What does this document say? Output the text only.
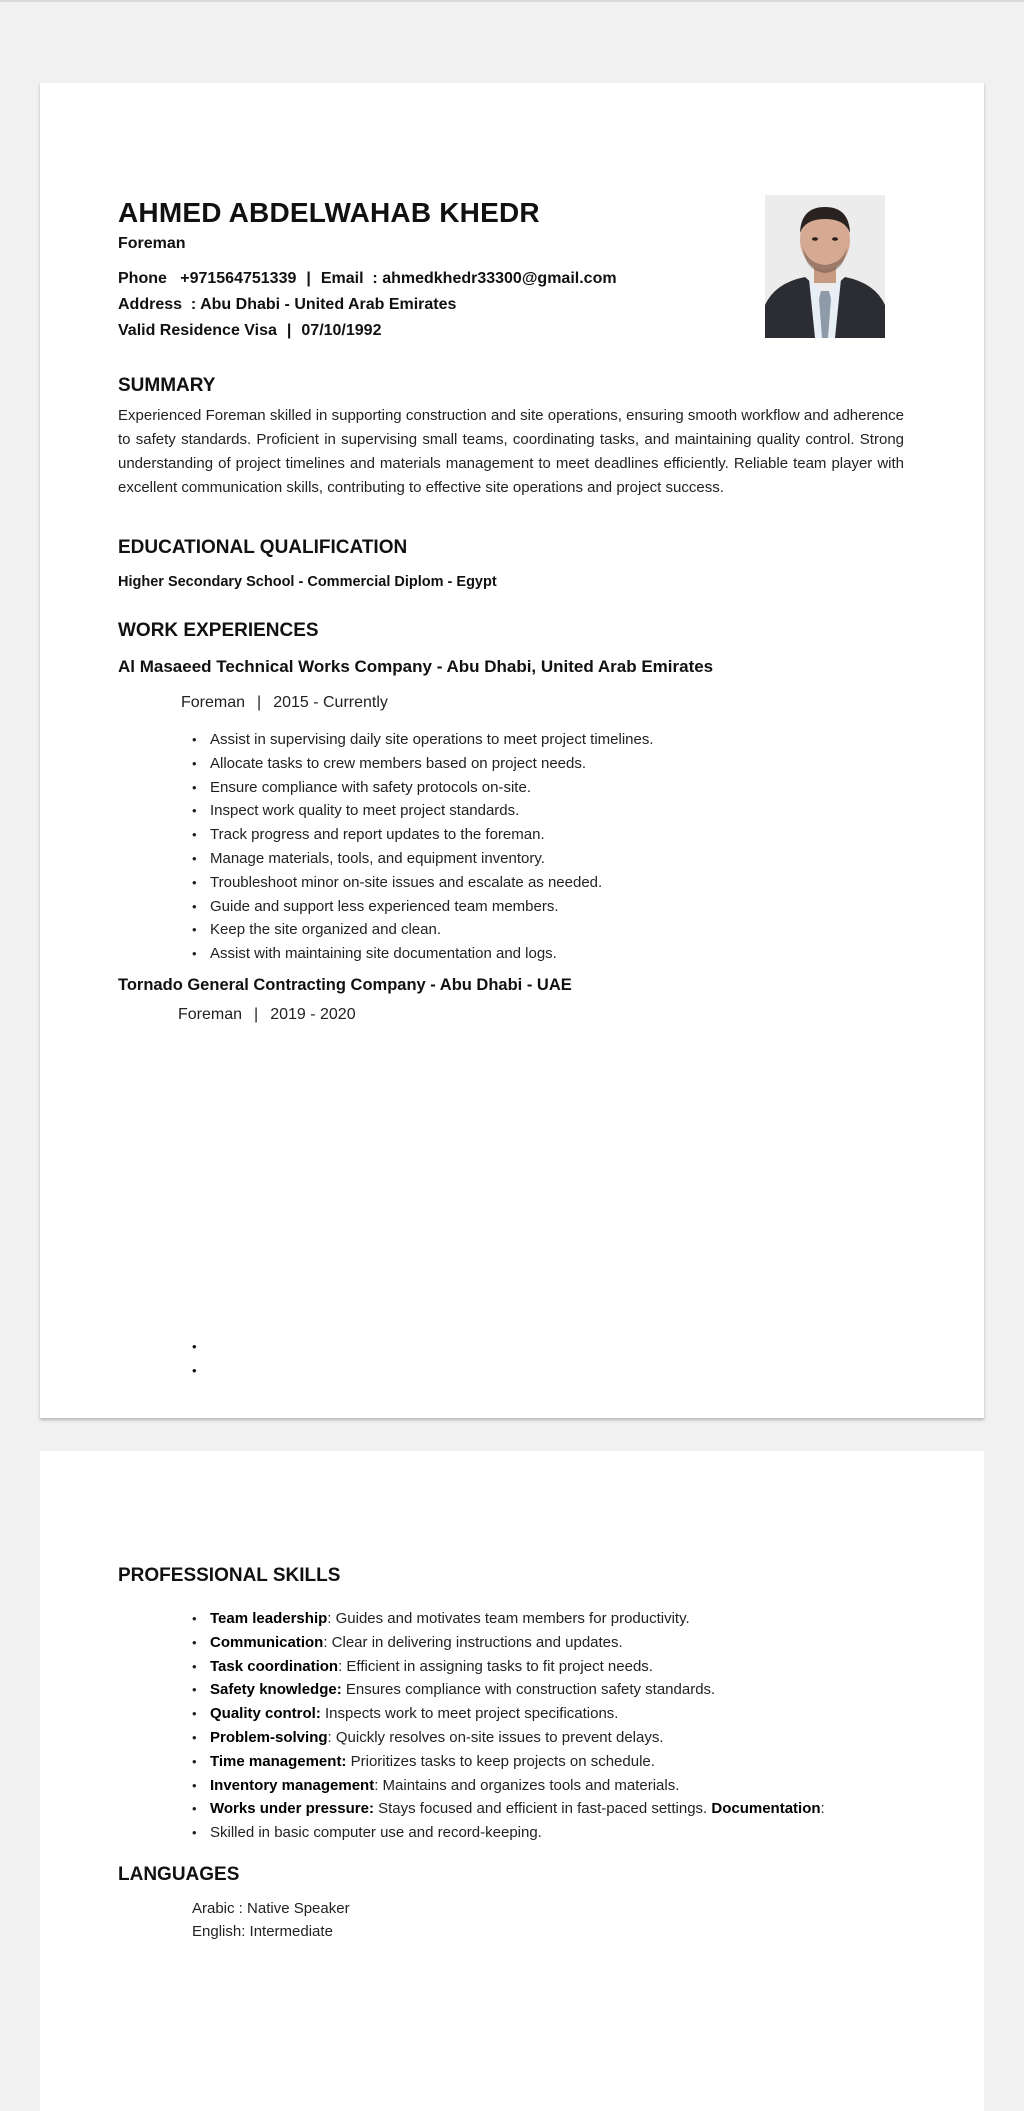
AHMED ABDELWAHAB KHEDR
Foreman
Phone +971564751339 | Email : ahmedkhedr33300@gmail.com
Address : Abu Dhabi - United Arab Emirates
Valid Residence Visa | 07/10/1992
SUMMARY
Experienced Foreman skilled in supporting construction and site operations, ensuring smooth workflow and adherence to safety standards. Proficient in supervising small teams, coordinating tasks, and maintaining quality control. Strong understanding of project timelines and materials management to meet deadlines efficiently. Reliable team player with excellent communication skills, contributing to effective site operations and project success.
EDUCATIONAL QUALIFICATION
Higher Secondary School - Commercial Diplom - Egypt
WORK EXPERIENCES
Al Masaeed Technical Works Company - Abu Dhabi, United Arab Emirates
Foreman | 2015 - Currently
• Assist in supervising daily site operations to meet project timelines.
• Allocate tasks to crew members based on project needs.
• Ensure compliance with safety protocols on-site.
• Inspect work quality to meet project standards.
• Track progress and report updates to the foreman.
• Manage materials, tools, and equipment inventory.
• Troubleshoot minor on-site issues and escalate as needed.
• Guide and support less experienced team members.
• Keep the site organized and clean.
• Assist with maintaining site documentation and logs.
Tornado General Contracting Company - Abu Dhabi - UAE
Foreman | 2019 - 2020
•
•
PROFESSIONAL SKILLS
• Team leadership: Guides and motivates team members for productivity.
• Communication: Clear in delivering instructions and updates.
• Task coordination: Efficient in assigning tasks to fit project needs.
• Safety knowledge: Ensures compliance with construction safety standards.
• Quality control: Inspects work to meet project specifications.
• Problem-solving: Quickly resolves on-site issues to prevent delays.
• Time management: Prioritizes tasks to keep projects on schedule.
• Inventory management: Maintains and organizes tools and materials.
• Works under pressure: Stays focused and efficient in fast-paced settings. Documentation:
• Skilled in basic computer use and record-keeping.
LANGUAGES
Arabic : Native Speaker
English: Intermediate
